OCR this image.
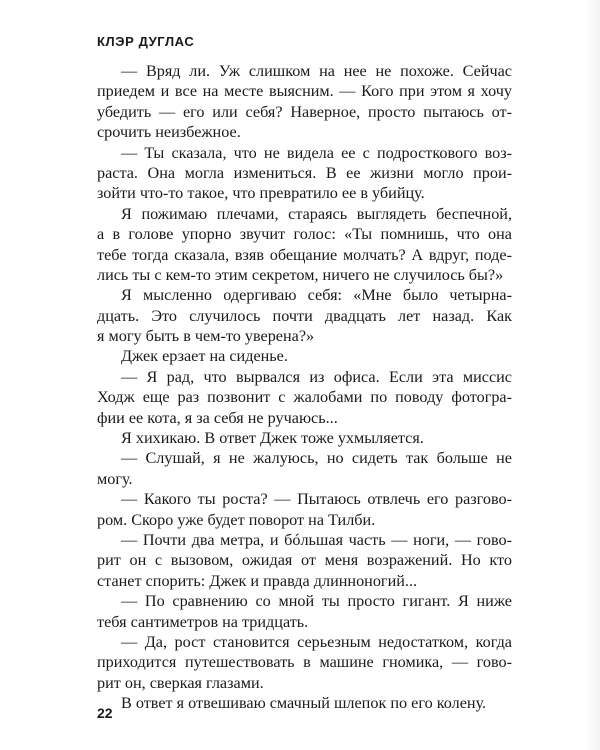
КЛЭР ДУГЛАС
— Вряд ли. Уж слишком на нее не похоже. Сейчас
приедем и все на месте выясним. — Кого при этом я хочу
убедить — его или себя? Наверное, просто пытаюсь от-
срочить неизбежное.
— Ты сказала, что не видела ее с подросткового воз-
раста. Она могла измениться. В ее жизни могло прои-
зойти что-то такое, что превратило ее в убийцу.
Я пожимаю плечами, стараясь выглядеть беспечной,
а в голове упорно звучит голос: «Ты помнишь, что она
тебе тогда сказала, взяв обещание молчать? А вдруг, поде-
лись ты с кем-то этим секретом, ничего не случилось бы?»
Я мысленно одергиваю себя: «Мне было четырна-
дцать. Это случилось почти двадцать лет назад. Как
я могу быть в чем-то уверена?»
Джек ерзает на сиденье.
— Я рад, что вырвался из офиса. Если эта миссис
Ходж еще раз позвонит с жалобами по поводу фотогра-
фии ее кота, я за себя не ручаюсь...
Я хихикаю. В ответ Джек тоже ухмыляется.
— Слушай, я не жалуюсь, но сидеть так больше не
могу.
— Какого ты роста? — Пытаюсь отвлечь его разгово-
ром. Скоро уже будет поворот на Тилби.
— Почти два метра, и бóльшая часть — ноги, — гово-
рит он с вызовом, ожидая от меня возражений. Но кто
станет спорить: Джек и правда длинноногий...
— По сравнению со мной ты просто гигант. Я ниже
тебя сантиметров на тридцать.
— Да, рост становится серьезным недостатком, когда
приходится путешествовать в машине гномика, — гово-
рит он, сверкая глазами.
В ответ я отвешиваю смачный шлепок по его колену.
22
